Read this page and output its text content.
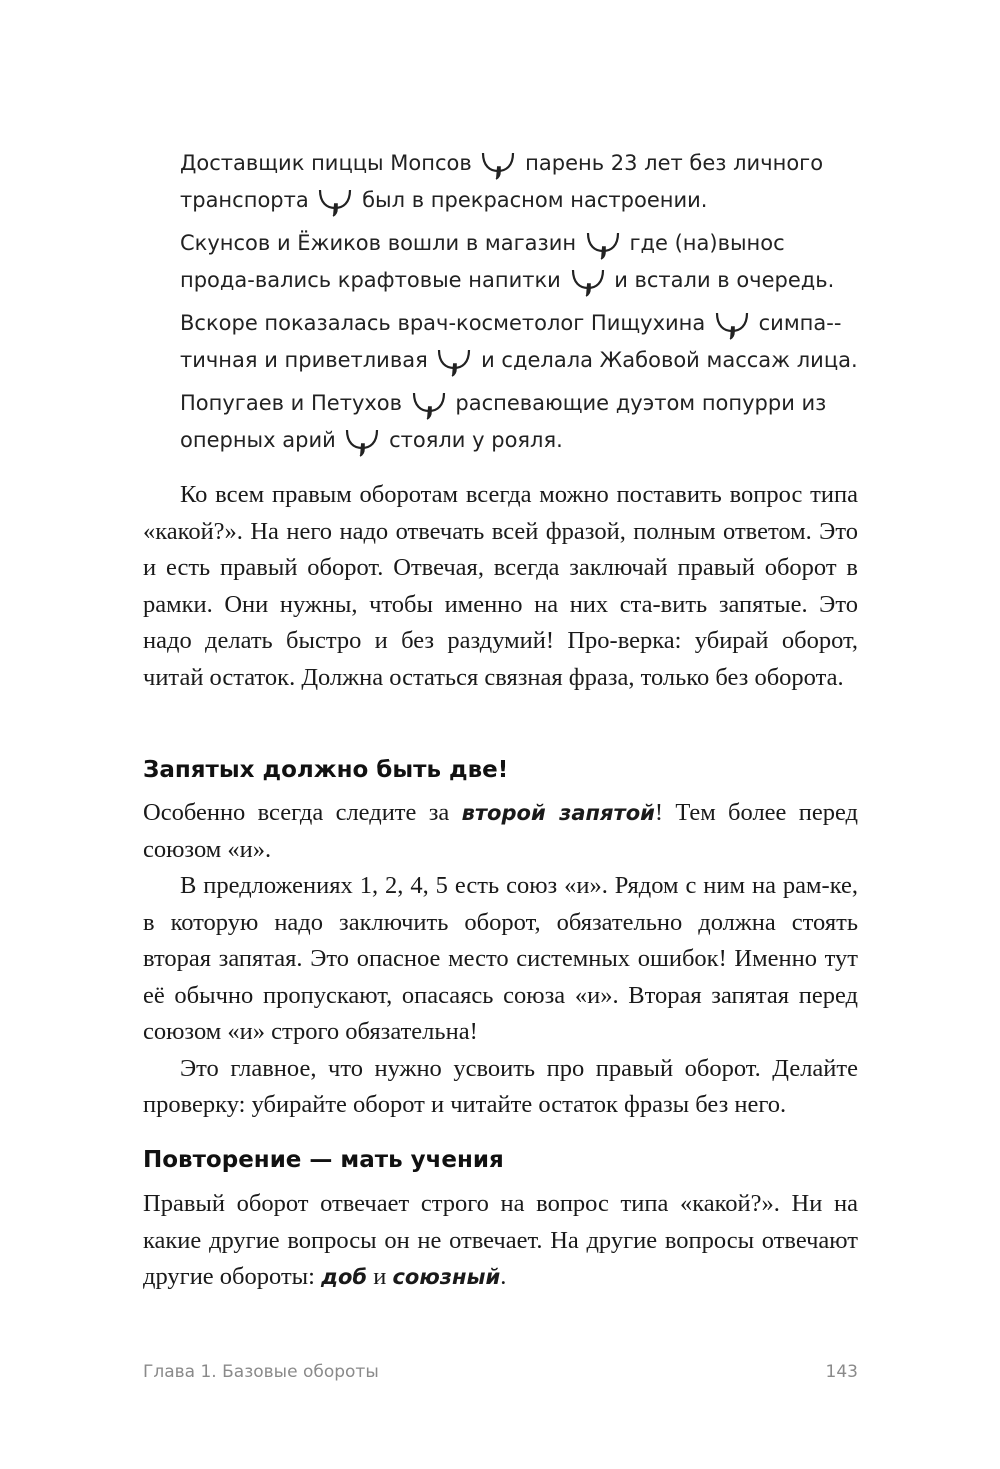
Доставщик пиццы Мопсов	парень 23 лет без личного транспорта	был в прекрасном настроении.

Скунсов и Ёжиков вошли в магазин	где (на)вынос прода-вались крафтовые напитки	и встали в очередь.

Вскоре показалась врач-косметолог Пищухина	симпа-тичная и приветливая	и сделала Жабовой массаж лица.

Попугаев и Петухов	распевающие дуэтом попурри из оперных арий	стояли у рояля.

Ко всем правым оборотам всегда можно поставить вопрос типа «какой?». На него надо отвечать всей фразой, полным ответом. Это и есть правый оборот. Отвечая, всегда заключай правый оборот в рамки. Они нужны, чтобы именно на них ста-вить запятые. Это надо делать быстро и без раздумий! Про-верка: убирай оборот, читай остаток. Должна остаться связная фраза, только без оборота.

Запятых должно быть две!

Особенно всегда следите за второй запятой! Тем более перед союзом «и».

В предложениях 1, 2, 4, 5 есть союз «и». Рядом с ним на рам-ке, в которую надо заключить оборот, обязательно должна стоять вторая запятая. Это опасное место системных ошибок! Именно тут её обычно пропускают, опасаясь союза «и». Вторая запятая перед союзом «и» строго обязательна!

Это главное, что нужно усвоить про правый оборот. Делайте проверку: убирайте оборот и читайте остаток фразы без него.

Повторение — мать учения

Правый оборот отвечает строго на вопрос типа «какой?». Ни на какие другие вопросы он не отвечает. На другие вопросы отвечают другие обороты: доб и союзный.

Глава 1. Базовые обороты	143
